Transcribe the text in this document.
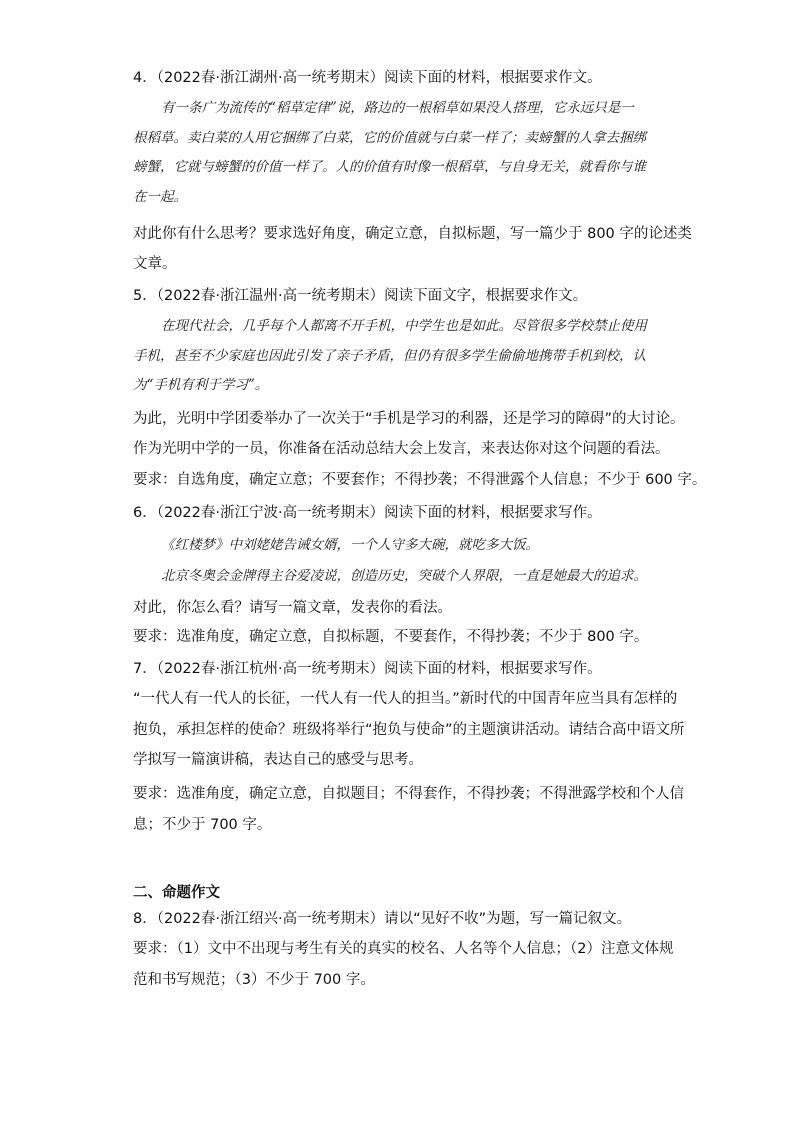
4．（2022春·浙江湖州·高一统考期末）阅读下面的材料，根据要求作文。
有一条广为流传的“稻草定律”说，路边的一根稻草如果没人搭理，它永远只是一
根稻草。卖白菜的人用它捆绑了白菜，它的价值就与白菜一样了；卖螃蟹的人拿去捆绑
螃蟹，它就与螃蟹的价值一样了。人的价值有时像一根稻草，与自身无关，就看你与谁
在一起。
对此你有什么思考？要求选好角度，确定立意，自拟标题，写一篇少于 800 字的论述类
文章。
5．（2022春·浙江温州·高一统考期末）阅读下面文字，根据要求作文。
在现代社会，几乎每个人都离不开手机，中学生也是如此。尽管很多学校禁止使用
手机，甚至不少家庭也因此引发了亲子矛盾，但仍有很多学生偷偷地携带手机到校，认
为“手机有利于学习”。
为此，光明中学团委举办了一次关于“手机是学习的利器，还是学习的障碍”的大讨论。
作为光明中学的一员，你准备在活动总结大会上发言，来表达你对这个问题的看法。
要求：自选角度，确定立意；不要套作；不得抄袭；不得泄露个人信息；不少于 600 字。
6．（2022春·浙江宁波·高一统考期末）阅读下面的材料，根据要求写作。
《红楼梦》中刘姥姥告诫女婿，一个人守多大碗，就吃多大饭。
北京冬奥会金牌得主谷爱凌说，创造历史，突破个人界限，一直是她最大的追求。
对此，你怎么看？请写一篇文章，发表你的看法。
要求：选准角度，确定立意，自拟标题，不要套作，不得抄袭；不少于 800 字。
7．（2022春·浙江杭州·高一统考期末）阅读下面的材料，根据要求写作。
“一代人有一代人的长征，一代人有一代人的担当。”新时代的中国青年应当具有怎样的
抱负，承担怎样的使命？班级将举行“抱负与使命”的主题演讲活动。请结合高中语文所
学拟写一篇演讲稿，表达自己的感受与思考。
要求：选准角度，确定立意，自拟题目；不得套作，不得抄袭；不得泄露学校和个人信
息；不少于 700 字。
二、命题作文
8．（2022春·浙江绍兴·高一统考期末）请以“见好不收”为题，写一篇记叙文。
要求：（1）文中不出现与考生有关的真实的校名、人名等个人信息；（2）注意文体规
范和书写规范；（3）不少于 700 字。
